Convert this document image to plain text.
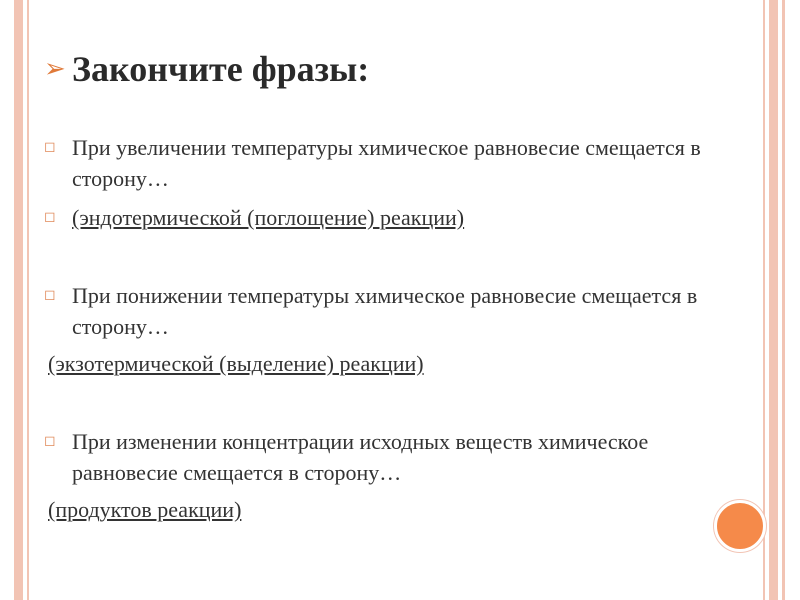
➢ Закончите фразы:
◻ При увеличении температуры химическое равновесие смещается в сторону…
◻ (эндотермической (поглощение) реакции)
◻ При понижении температуры химическое равновесие смещается в сторону…
(экзотермической (выделение) реакции)
◻ При изменении концентрации исходных веществ химическое равновесие смещается в сторону…
(продуктов реакции)
